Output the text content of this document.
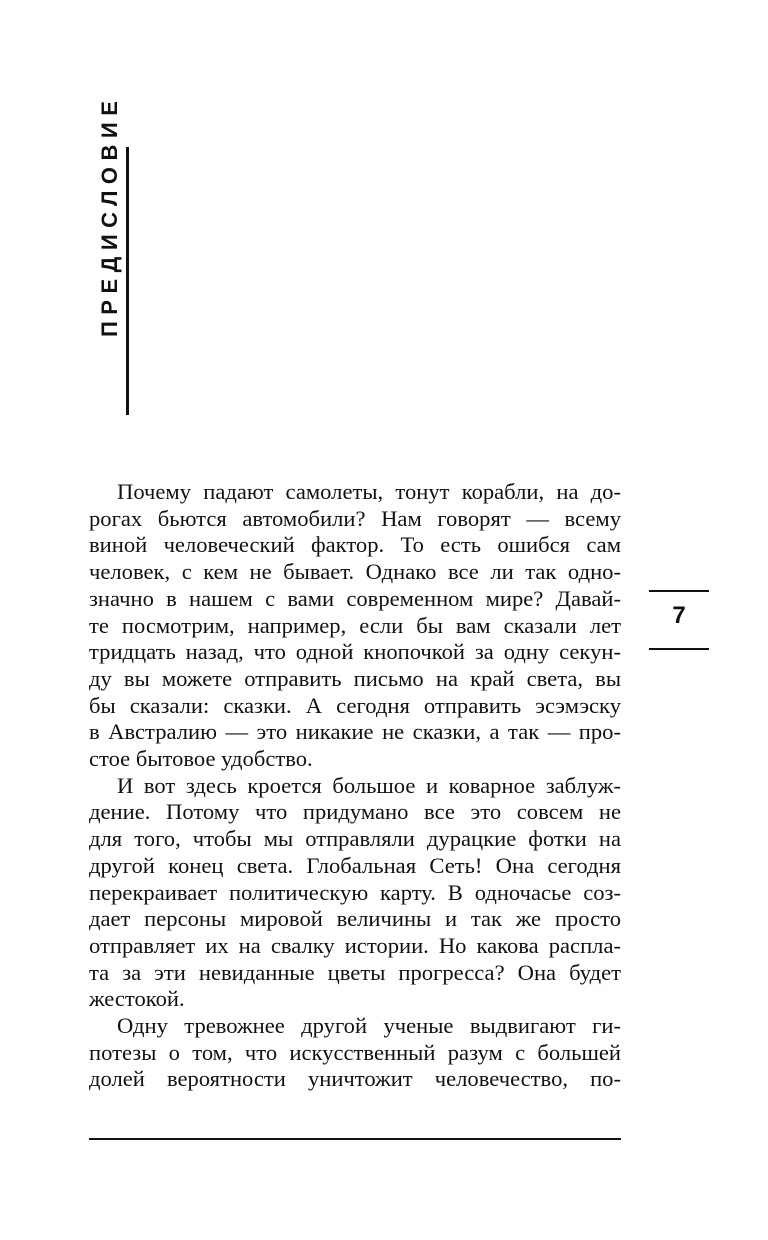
ПРЕДИСЛОВИЕ
7
Почему падают самолеты, тонут корабли, на до-
рогах бьются автомобили? Нам говорят — всему
виной человеческий фактор. То есть ошибся сам
человек, с кем не бывает. Однако все ли так одно-
значно в нашем с вами современном мире? Давай-
те посмотрим, например, если бы вам сказали лет
тридцать назад, что одной кнопочкой за одну секун-
ду вы можете отправить письмо на край света, вы
бы сказали: сказки. А сегодня отправить эсэмэску
в Австралию — это никакие не сказки, а так — про-
стое бытовое удобство.
И вот здесь кроется большое и коварное заблуж-
дение. Потому что придумано все это совсем не
для того, чтобы мы отправляли дурацкие фотки на
другой конец света. Глобальная Сеть! Она сегодня
перекраивает политическую карту. В одночасье соз-
дает персоны мировой величины и так же просто
отправляет их на свалку истории. Но какова распла-
та за эти невиданные цветы прогресса? Она будет
жестокой.
Одну тревожнее другой ученые выдвигают ги-
потезы о том, что искусственный разум с большей
долей вероятности уничтожит человечество, по-
